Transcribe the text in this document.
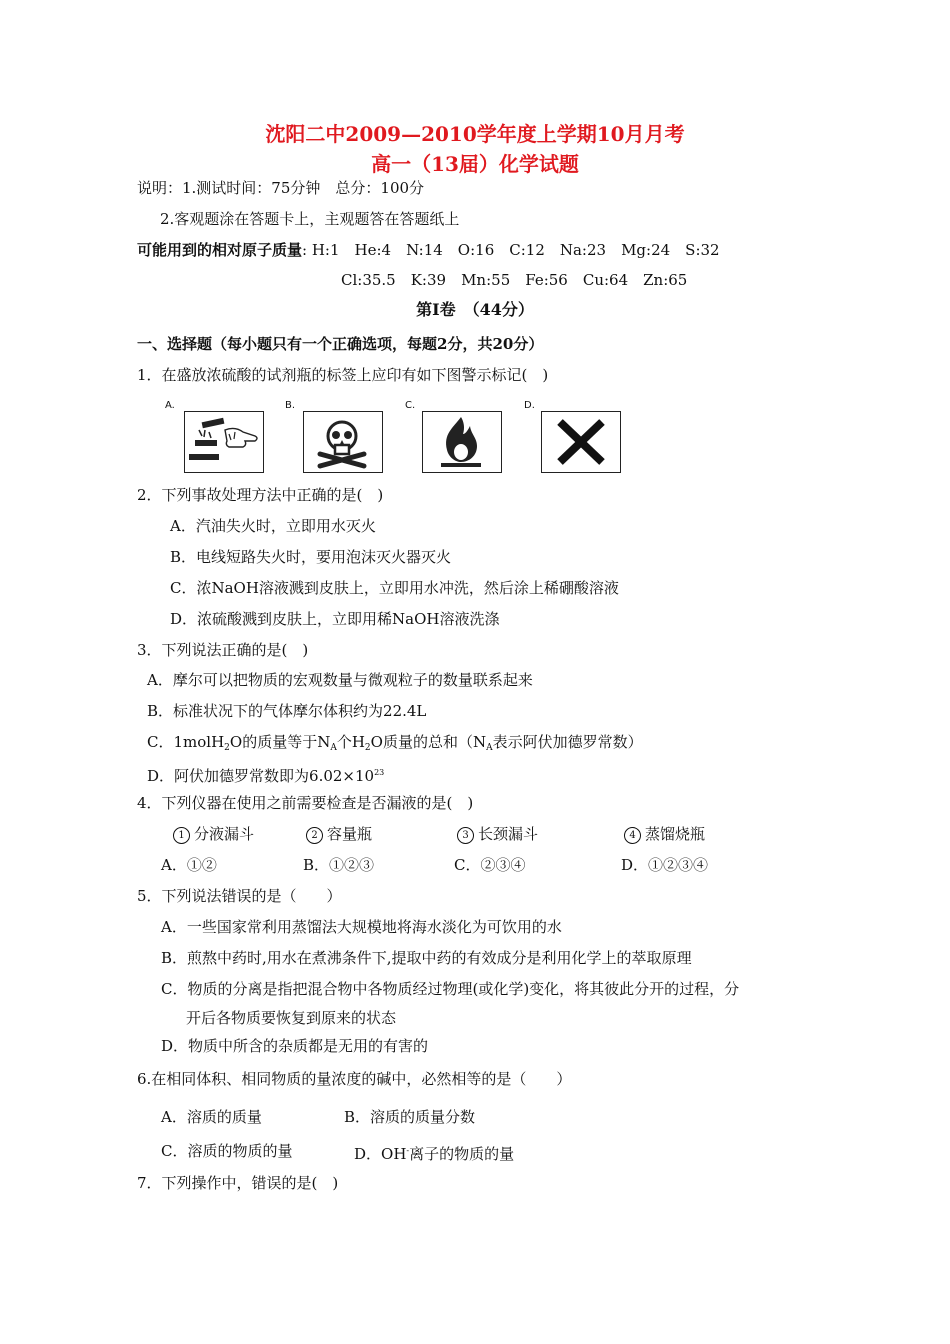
沈阳二中2009—2010学年度上学期10月月考
高一（13届）化学试题
说明：1.测试时间：75分钟　总分：100分
2.客观题涂在答题卡上，主观题答在答题纸上
可能用到的相对原子质量: H:1　He:4　N:14　O:16　C:12　Na:23　Mg:24　S:32
Cl:35.5　K:39　Mn:55　Fe:56　Cu:64　Zn:65
第Ⅰ卷　（44分）
一、选择题（每小题只有一个正确选项，每题2分，共20分）
1．在盛放浓硫酸的试剂瓶的标签上应印有如下图警示标记(　)
A.	B.	C.	D.
2．下列事故处理方法中正确的是(　)
A．汽油失火时，立即用水灭火
B．电线短路失火时，要用泡沫灭火器灭火
C．浓NaOH溶液溅到皮肤上，立即用水冲洗，然后涂上稀硼酸溶液
D．浓硫酸溅到皮肤上，立即用稀NaOH溶液洗涤
3．下列说法正确的是(　)
A．摩尔可以把物质的宏观数量与微观粒子的数量联系起来
B．标准状况下的气体摩尔体积约为22.4L
C．1molH$_2$O的质量等于$N_A$个$H_2O$质量的总和（$N_A$表示阿伏加德罗常数）
D．阿伏加德罗常数即为$6.02\times 10^{23}$
4．下列仪器在使用之前需要检查是否漏液的是(　)
1 分液漏斗	2 容量瓶	3 长颈漏斗	4 蒸馏烧瓶
A．①②	B．①②③	C．②③④	D．①②③④
5．下列说法错误的是（　　）
A．一些国家常利用蒸馏法大规模地将海水淡化为可饮用的水
B．煎熬中药时,用水在煮沸条件下,提取中药的有效成分是利用化学上的萃取原理
C．物质的分离是指把混合物中各物质经过物理(或化学)变化，将其彼此分开的过程，分
开后各物质要恢复到原来的状态
D．物质中所含的杂质都是无用的有害的
6.在相同体积、相同物质的量浓度的碱中，必然相等的是（　　）
A．溶质的质量	B．溶质的质量分数
C．溶质的物质的量	D．OH-离子的物质的量
7．下列操作中，错误的是(　)
